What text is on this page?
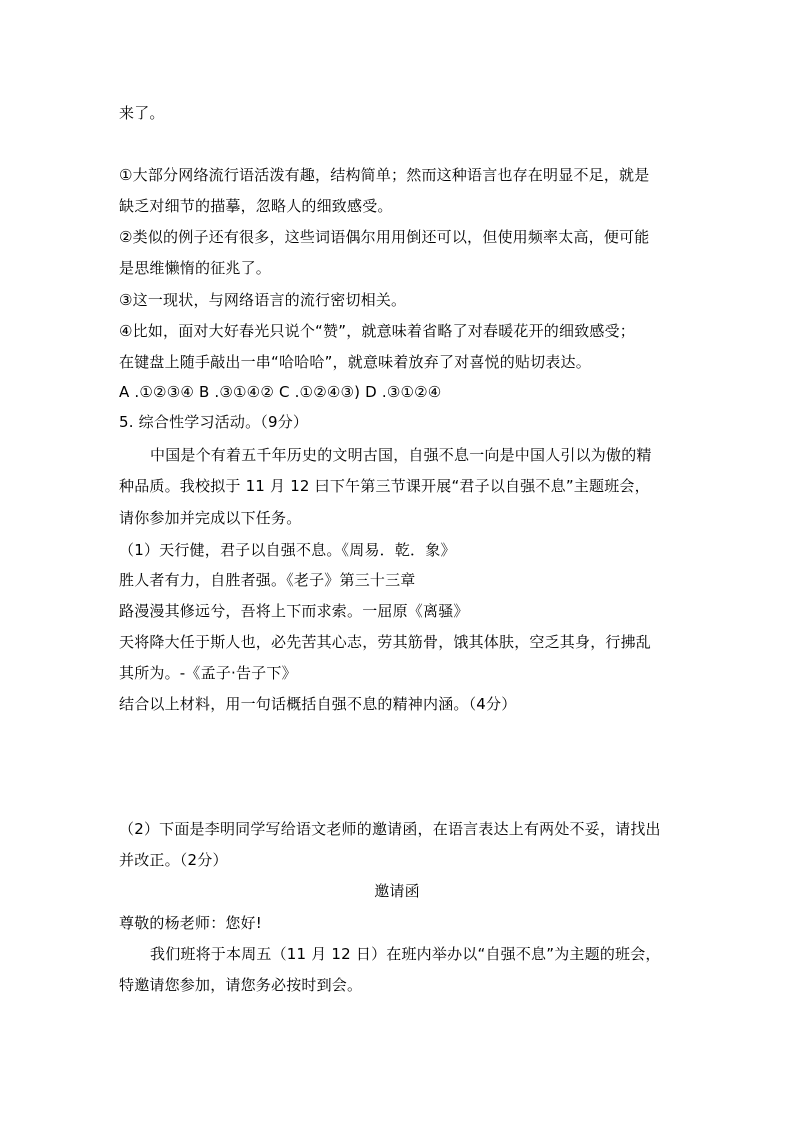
来了。
①大部分网络流行语活泼有趣，结构简单；然而这种语言也存在明显不足，就是
缺乏对细节的描摹，忽略人的细致感受。
②类似的例子还有很多，这些词语偶尔用用倒还可以，但使用频率太高，便可能
是思维懒惰的征兆了。
③这一现状，与网络语言的流行密切相关。
④比如，面对大好春光只说个“赞”，就意味着省略了对春暖花开的细致感受；
在键盘上随手敲出一串“哈哈哈”，就意味着放弃了对喜悦的贴切表达。
A .①②③④ B .③①④② C .①②④③) D .③①②④
5. 综合性学习活动。（9分）
中国是个有着五千年历史的文明古国，自强不息一向是中国人引以为傲的精
种品质。我校拟于 11 月 12 曰下午第三节课开展“君子以自强不息”主题班会，
请你参加并完成以下任务。
（1）天行健，君子以自强不息。《周易．乾．象》
胜人者有力，自胜者强。《老子》第三十三章
路漫漫其修远兮，吾将上下而求索。一屈原《离骚》
天将降大任于斯人也，必先苦其心志，劳其筋骨，饿其体肤，空乏其身，行拂乱
其所为。-《孟子·告子下》
结合以上材料，用一句话概括自强不息的精神内涵。（4分）
（2）下面是李明同学写给语文老师的邀请函，在语言表达上有两处不妥，请找出
并改正。（2分）
邀请函
尊敬的杨老师：您好!
我们班将于本周五（11 月 12 日）在班内举办以“自强不息”为主题的班会，
特邀请您参加，请您务必按时到会。
